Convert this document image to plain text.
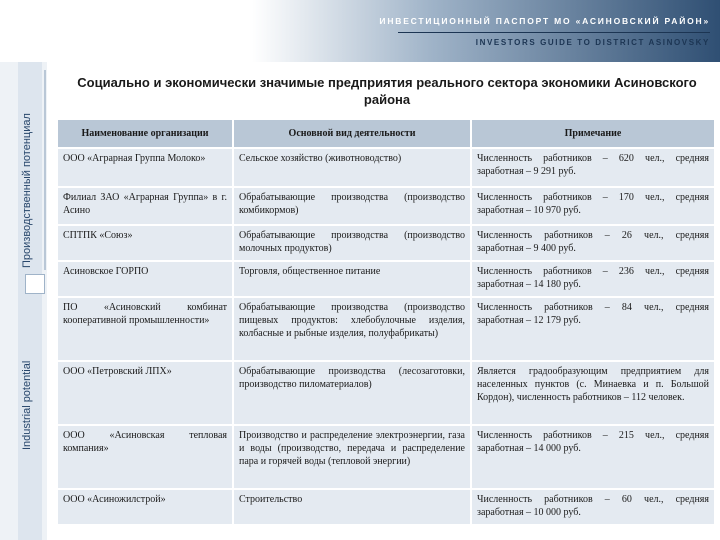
ИНВЕСТИЦИОННЫЙ ПАСПОРТ МО «АСИНОВСКИЙ РАЙОН»
INVESTORS GUIDE TO DISTRICT ASINOVSKY
Производственный потенциал
Industrial potential
Социально и экономически значимые предприятия реального сектора экономики Асиновского района
Наименование организации	Основной вид деятельности	Примечание
ООО «Аграрная Группа Молоко»	Сельское хозяйство (животноводство)	Численность работников – 620 чел., средняя заработная – 9 291 руб.
Филиал ЗАО «Аграрная Группа» в г. Асино	Обрабатывающие производства (производство комбикормов)	Численность работников – 170 чел., средняя заработная – 10 970 руб.
СПТПК «Союз»	Обрабатывающие производства (производство молочных продуктов)	Численность работников – 26 чел., средняя заработная – 9 400 руб.
Асиновское ГОРПО	Торговля, общественное питание	Численность работников – 236 чел., средняя заработная – 14 180 руб.
ПО «Асиновский комбинат кооперативной промышленности»	Обрабатывающие производства (производство пищевых продуктов: хлебобулочные изделия, колбасные и рыбные изделия, полуфабрикаты)	Численность работников – 84 чел., средняя заработная – 12 179 руб.
ООО «Петровский ЛПХ»	Обрабатывающие производства (лесозаготовки, производство пиломатериалов)	Является градообразующим предприятием для населенных пунктов (с. Минаевка и п. Большой Кордон), численность работников – 112 человек.
ООО «Асиновская тепловая компания»	Производство и распределение электроэнергии, газа и воды (производство, передача и распределение пара и горячей воды (тепловой энергии)	Численность работников – 215 чел., средняя заработная – 14 000 руб.
ООО «Асиножилстрой»	Строительство	Численность работников – 60 чел., средняя заработная – 10 000 руб.
